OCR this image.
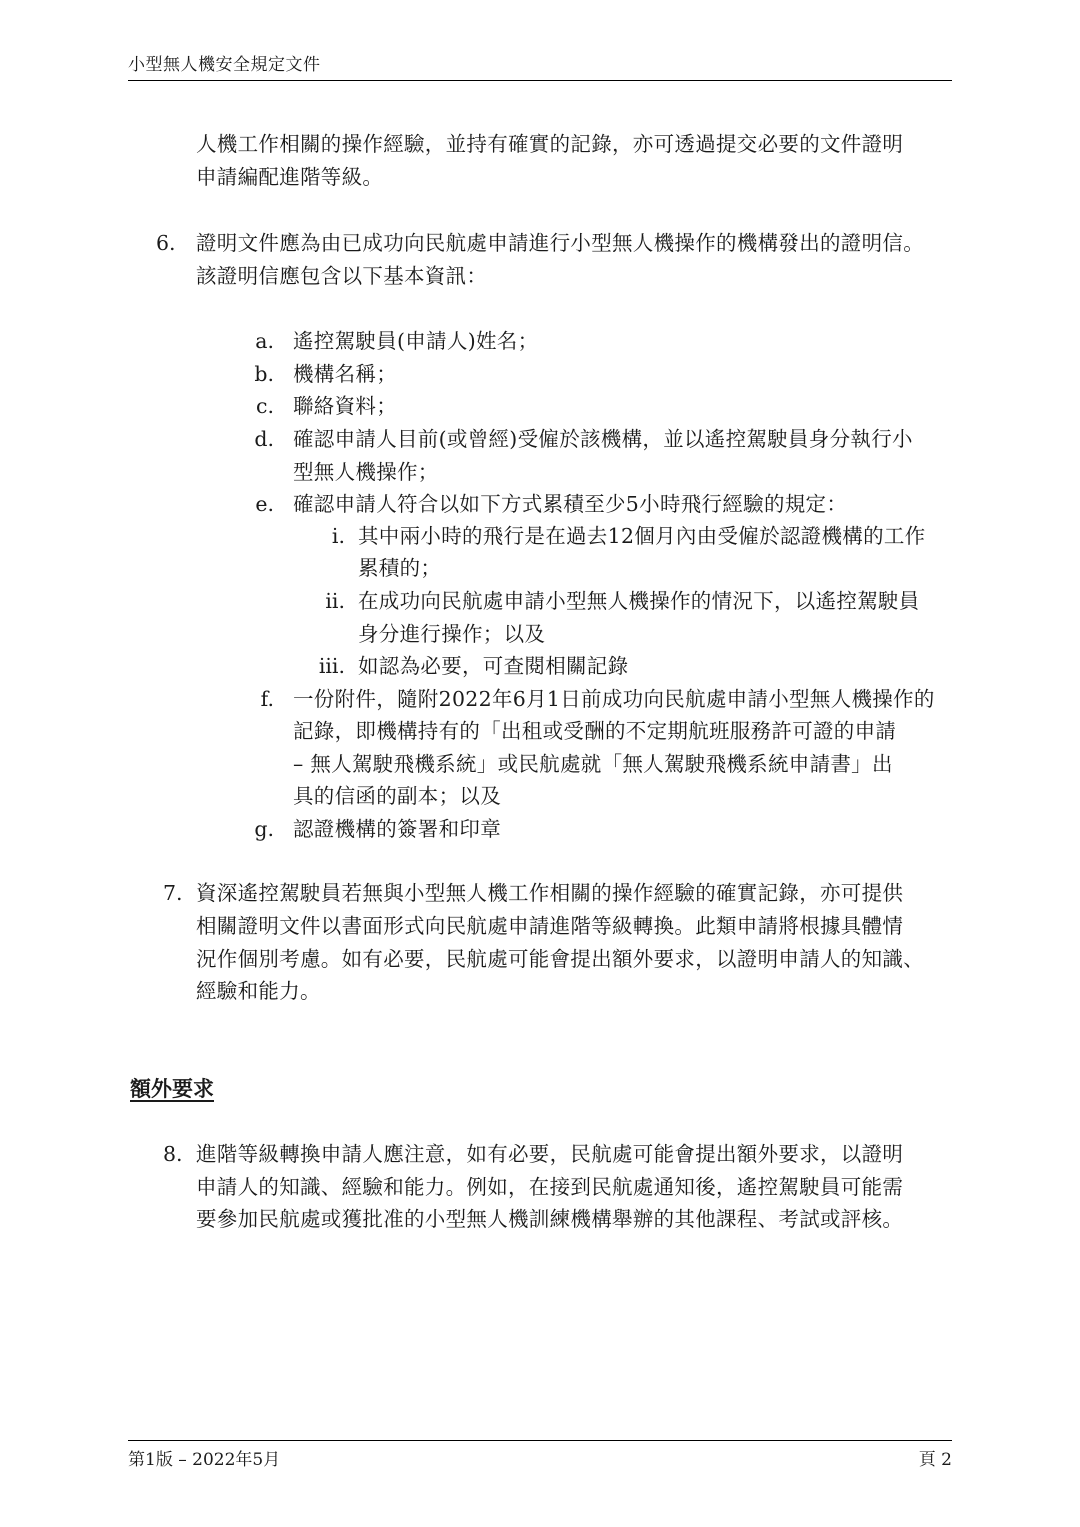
小型無人機安全規定文件
人機工作相關的操作經驗，並持有確實的記錄，亦可透過提交必要的文件證明
申請編配進階等級。
6. 證明文件應為由已成功向民航處申請進行小型無人機操作的機構發出的證明信。
該證明信應包含以下基本資訊：
a. 遙控駕駛員(申請人)姓名；
b. 機構名稱；
c. 聯絡資料；
d. 確認申請人目前(或曾經)受僱於該機構，並以遙控駕駛員身分執行小
型無人機操作；
e. 確認申請人符合以如下方式累積至少5小時飛行經驗的規定：
i. 其中兩小時的飛行是在過去12個月內由受僱於認證機構的工作
累積的；
ii. 在成功向民航處申請小型無人機操作的情況下，以遙控駕駛員
身分進行操作；以及
iii. 如認為必要，可查閱相關記錄
f. 一份附件，隨附2022年6月1日前成功向民航處申請小型無人機操作的
記錄，即機構持有的「出租或受酬的不定期航班服務許可證的申請
– 無人駕駛飛機系統」或民航處就「無人駕駛飛機系統申請書」出
具的信函的副本；以及
g. 認證機構的簽署和印章
7. 資深遙控駕駛員若無與小型無人機工作相關的操作經驗的確實記錄，亦可提供
相關證明文件以書面形式向民航處申請進階等級轉換。此類申請將根據具體情
況作個別考慮。如有必要，民航處可能會提出額外要求，以證明申請人的知識、
經驗和能力。
額外要求
8. 進階等級轉換申請人應注意，如有必要，民航處可能會提出額外要求，以證明
申請人的知識、經驗和能力。例如，在接到民航處通知後，遙控駕駛員可能需
要參加民航處或獲批准的小型無人機訓練機構舉辦的其他課程、考試或評核。
第1版 – 2022年5月	頁 2
